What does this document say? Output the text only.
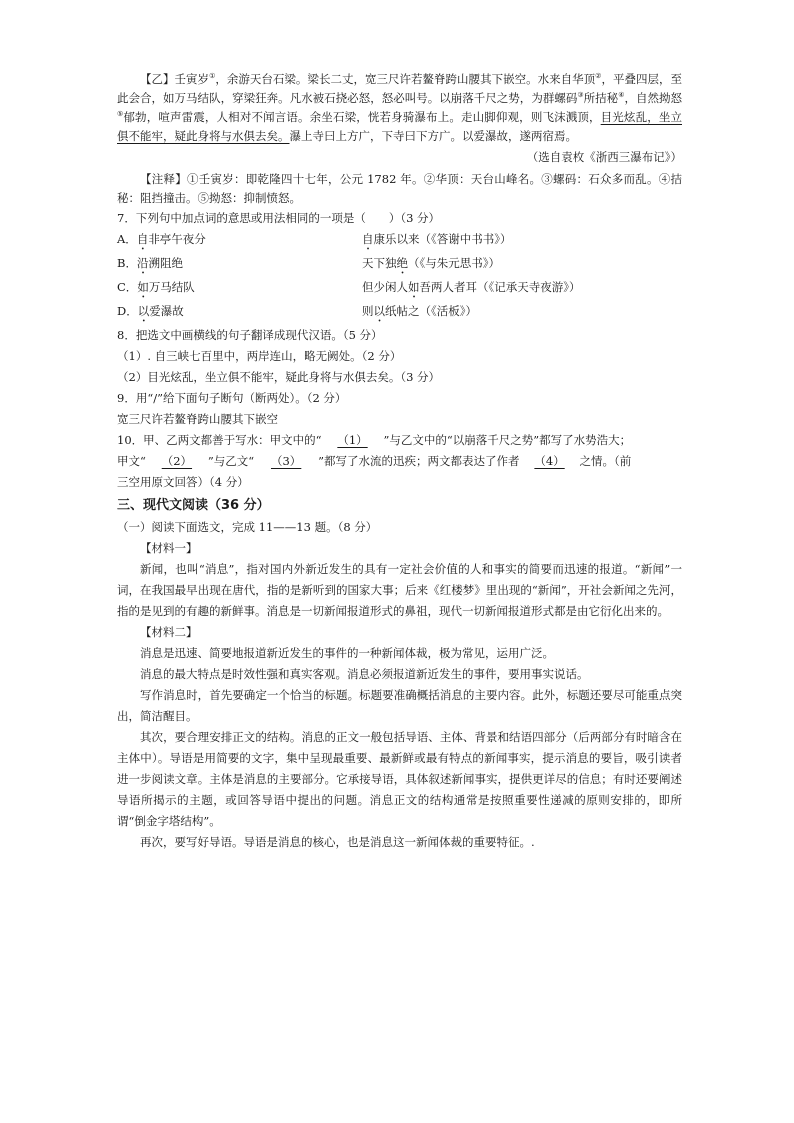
【乙】壬寅岁①，余游天台石梁。梁长二丈，宽三尺许若鳌脊跨山腰其下嵌空。水来自华顶②，平叠四层，至此会合，如万马结队，穿梁狂奔。凡水被石挠必怒，怒必叫号。以崩落千尺之势，为群螺码③所拮秘④，自然拗怒⑤郁勃，喧声雷震，人相对不闻言语。余坐石梁，恍若身骑瀑布上。走山脚仰观，则飞沫溅顶，目光炫乱，坐立俱不能牢，疑此身将与水俱去矣。瀑上寺曰上方广，下寺曰下方广。以爱瀑故，遂两宿焉。

（选自袁枚《浙西三瀑布记》）

【注释】①壬寅岁：即乾隆四十七年，公元 1782 年。②华顶：天台山峰名。③螺码：石众多而乱。④拮秘：阻挡撞击。⑤拗怒：抑制愤怒。

7．下列句中加点词的意思或用法相同的一项是（　　）（3 分）

A．自非亭午夜分	自康乐以来（《答谢中书书》）
B．沿溯阻绝	天下独绝（《与朱元思书》）
C．如万马结队	但少闲人如吾两人者耳（《记承天寺夜游》）
D．以爱瀑故	则以纸帖之（《活板》）

8．把选文中画横线的句子翻译成现代汉语。（5 分）

（1）. 自三峡七百里中，两岸连山，略无阙处。（2 分）

（2）目光炫乱，坐立俱不能牢，疑此身将与水俱去矣。（3 分）

9．用“/”给下面句子断句（断两处）。（2 分）

宽三尺许若鳌脊跨山腰其下嵌空

10．甲、乙两文都善于写水：甲文中的“ （1） ”与乙文中的“以崩落千尺之势”都写了水势浩大；
甲文“ （2） ”与乙文“ （3） ”都写了水流的迅疾；两文都表达了作者 （4） 之情。（前
三空用原文回答）（4 分）

三、现代文阅读（36 分）

（一）阅读下面选文，完成 11——13 题。（8 分）

【材料一】

新闻，也叫“消息”，指对国内外新近发生的具有一定社会价值的人和事实的简要而迅速的报道。“新闻”一词，在我国最早出现在唐代，指的是新听到的国家大事；后来《红楼梦》里出现的“新闻”，开社会新闻之先河，指的是见到的有趣的新鲜事。消息是一切新闻报道形式的鼻祖，现代一切新闻报道形式都是由它衍化出来的。

【材料二】

消息是迅速、简要地报道新近发生的事件的一种新闻体裁，极为常见，运用广泛。

消息的最大特点是时效性强和真实客观。消息必须报道新近发生的事件，要用事实说话。

写作消息时，首先要确定一个恰当的标题。标题要准确概括消息的主要内容。此外，标题还要尽可能重点突出，简洁醒目。

其次，要合理安排正文的结构。消息的正文一般包括导语、主体、背景和结语四部分（后两部分有时暗含在主体中）。导语是用简要的文字，集中呈现最重要、最新鲜或最有特点的新闻事实，提示消息的要旨，吸引读者进一步阅读文章。主体是消息的主要部分。它承接导语，具体叙述新闻事实，提供更详尽的信息；有时还要阐述导语所揭示的主题，或回答导语中提出的问题。消息正文的结构通常是按照重要性递减的原则安排的，即所谓“倒金字塔结构”。

再次，要写好导语。导语是消息的核心，也是消息这一新闻体裁的重要特征。.
